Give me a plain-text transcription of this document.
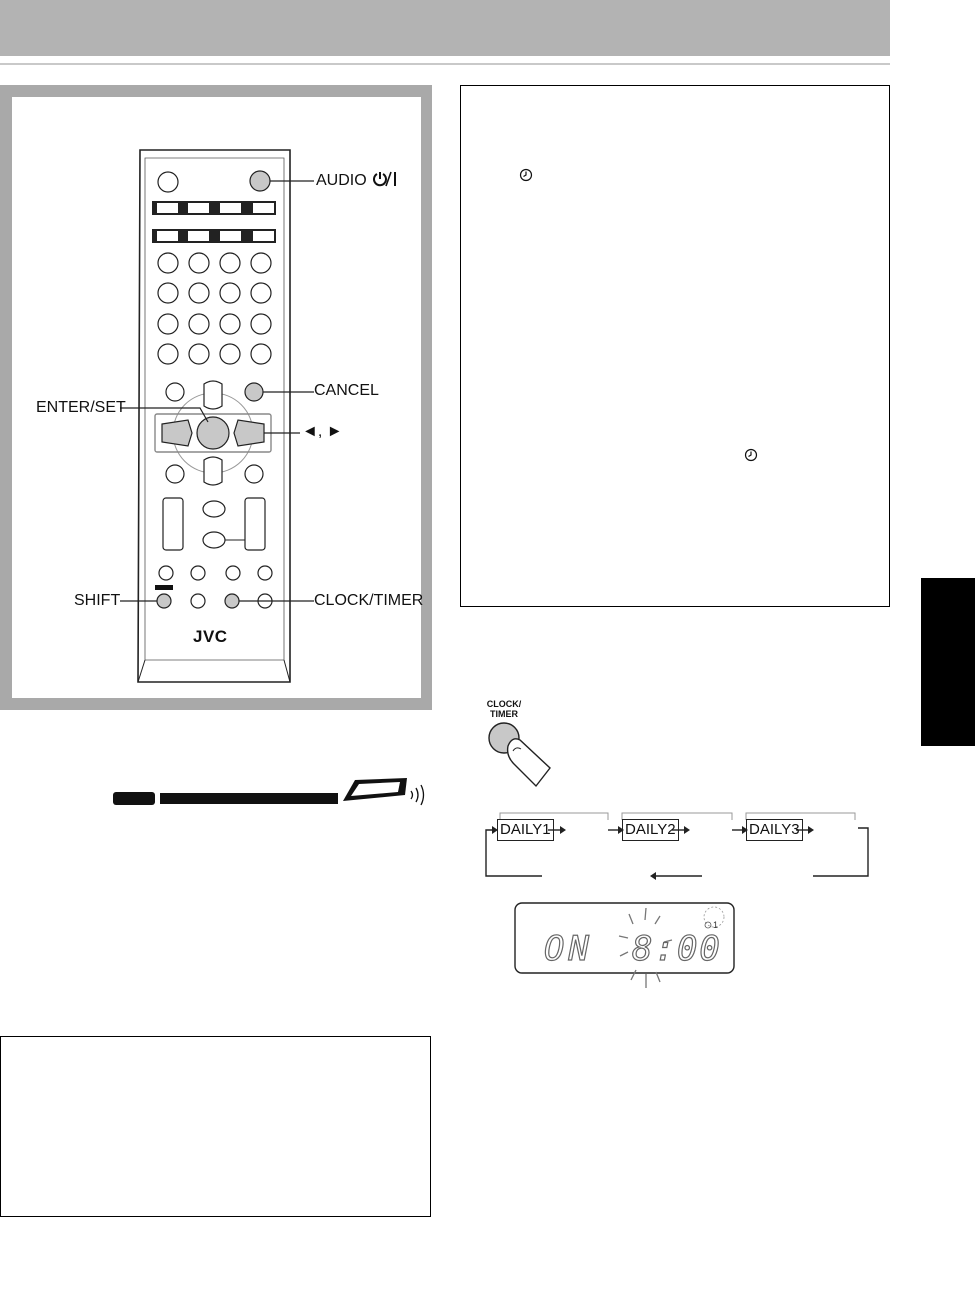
AUDIO
CANCEL
ENTER/SET
◄, ►
SHIFT	CLOCK/TIMER
JVC
CLOCK/
TIMER
DAILY1	DAILY2	DAILY3
1
ON 8:00
